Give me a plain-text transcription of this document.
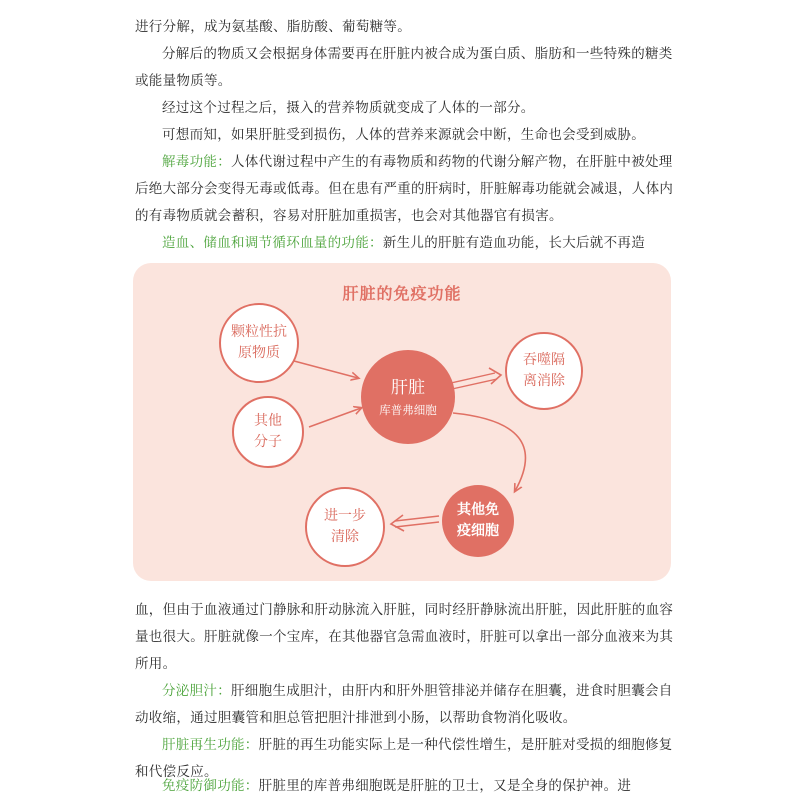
进行分解，成为氨基酸、脂肪酸、葡萄糖等。

分解后的物质又会根据身体需要再在肝脏内被合成为蛋白质、脂肪和一些特殊的糖类或能量物质等。

经过这个过程之后，摄入的营养物质就变成了人体的一部分。

可想而知，如果肝脏受到损伤，人体的营养来源就会中断，生命也会受到威胁。

解毒功能：人体代谢过程中产生的有毒物质和药物的代谢分解产物，在肝脏中被处理后绝大部分会变得无毒或低毒。但在患有严重的肝病时，肝脏解毒功能就会减退，人体内的有毒物质就会蓄积，容易对肝脏加重损害，也会对其他器官有损害。

造血、储血和调节循环血量的功能：新生儿的肝脏有造血功能，长大后就不再造

肝脏的免疫功能
颗粒性抗
原物质
其他
分子
肝脏
库普弗细胞
吞噬隔
离消除
其他免
疫细胞
进一步
清除

血，但由于血液通过门静脉和肝动脉流入肝脏，同时经肝静脉流出肝脏，因此肝脏的血容量也很大。肝脏就像一个宝库，在其他器官急需血液时，肝脏可以拿出一部分血液来为其所用。

分泌胆汁：肝细胞生成胆汁，由肝内和肝外胆管排泌并储存在胆囊，进食时胆囊会自动收缩，通过胆囊管和胆总管把胆汁排泄到小肠，以帮助食物消化吸收。

肝脏再生功能：肝脏的再生功能实际上是一种代偿性增生，是肝脏对受损的细胞修复和代偿反应。

免疫防御功能：肝脏里的库普弗细胞既是肝脏的卫士，又是全身的保护神。进
